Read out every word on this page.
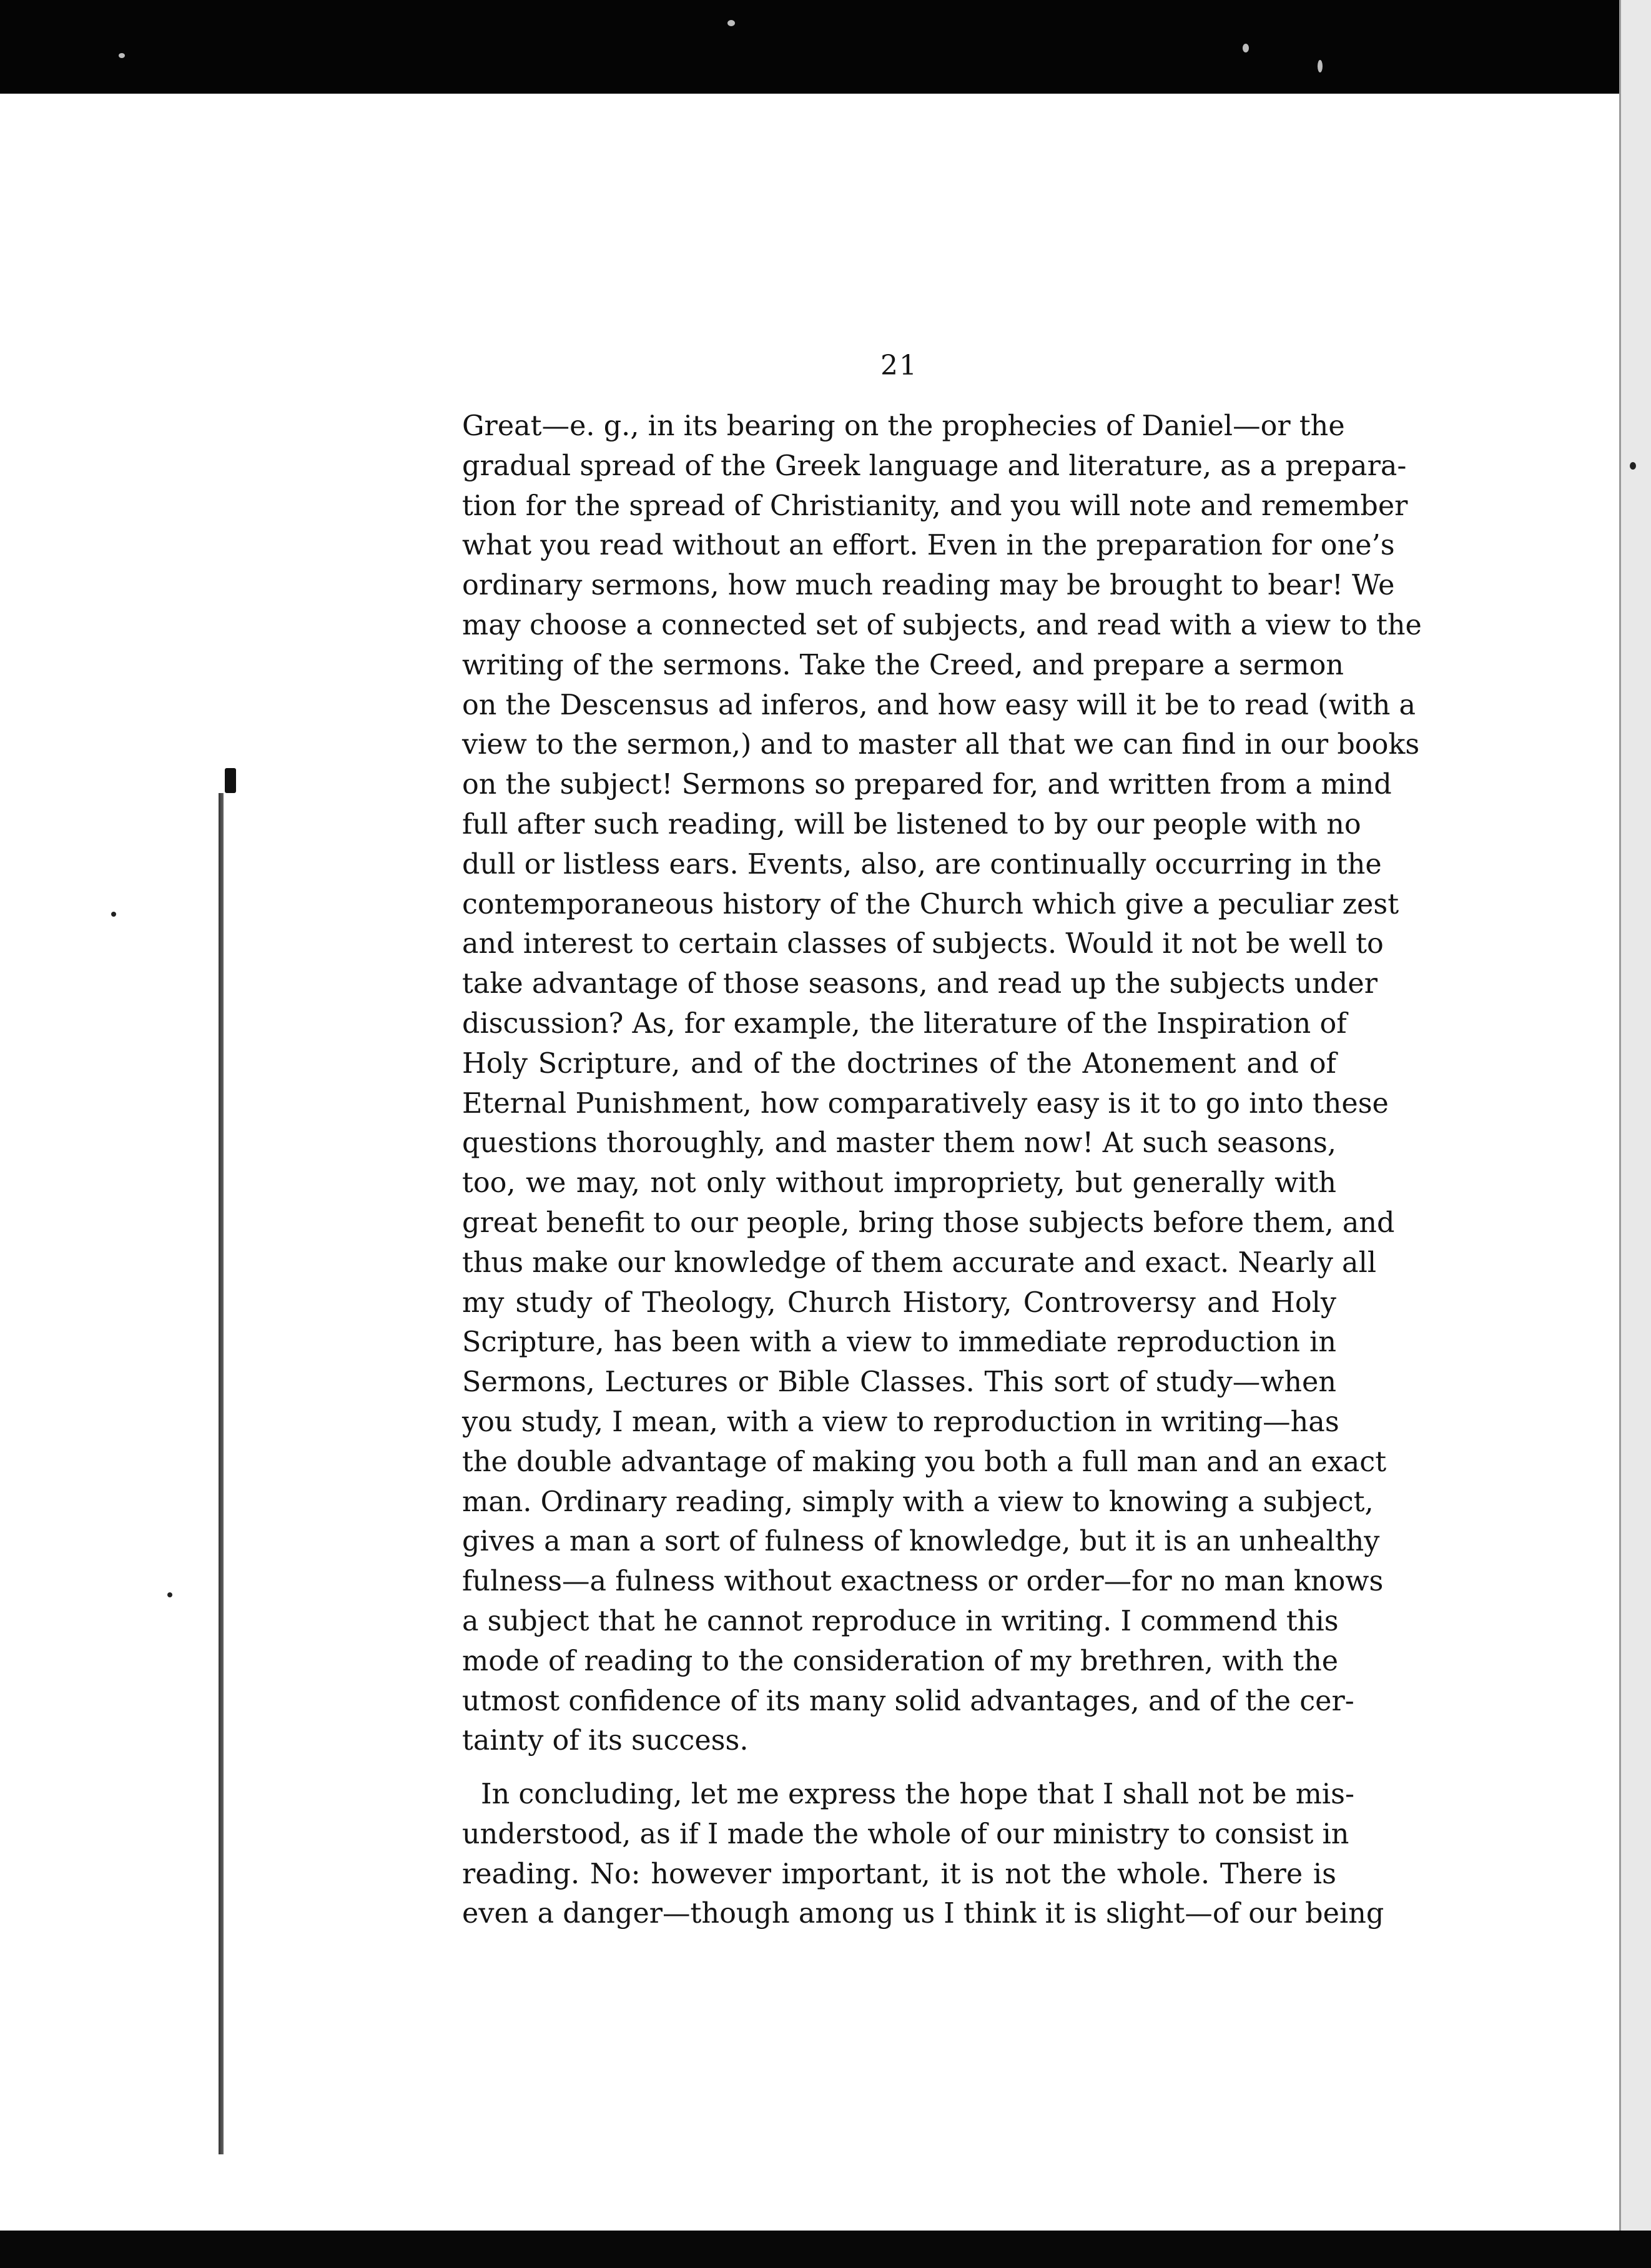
21

Great—e. g., in its bearing on the prophecies of Daniel—or the
gradual spread of the Greek language and literature, as a prepara-
tion for the spread of Christianity, and you will note and remember
what you read without an effort. Even in the preparation for one’s
ordinary sermons, how much reading may be brought to bear! We
may choose a connected set of subjects, and read with a view to the
writing of the sermons. Take the Creed, and prepare a sermon
on the Descensus ad inferos, and how easy will it be to read (with a
view to the sermon,) and to master all that we can find in our books
on the subject! Sermons so prepared for, and written from a mind
full after such reading, will be listened to by our people with no
dull or listless ears. Events, also, are continually occurring in the
contemporaneous history of the Church which give a peculiar zest
and interest to certain classes of subjects. Would it not be well to
take advantage of those seasons, and read up the subjects under
discussion? As, for example, the literature of the Inspiration of
Holy Scripture, and of the doctrines of the Atonement and of
Eternal Punishment, how comparatively easy is it to go into these
questions thoroughly, and master them now! At such seasons,
too, we may, not only without impropriety, but generally with
great benefit to our people, bring those subjects before them, and
thus make our knowledge of them accurate and exact. Nearly all
my study of Theology, Church History, Controversy and Holy
Scripture, has been with a view to immediate reproduction in
Sermons, Lectures or Bible Classes. This sort of study—when
you study, I mean, with a view to reproduction in writing—has
the double advantage of making you both a full man and an exact
man. Ordinary reading, simply with a view to knowing a subject,
gives a man a sort of fulness of knowledge, but it is an unhealthy
fulness—a fulness without exactness or order—for no man knows
a subject that he cannot reproduce in writing. I commend this
mode of reading to the consideration of my brethren, with the
utmost confidence of its many solid advantages, and of the cer-
tainty of its success.

In concluding, let me express the hope that I shall not be mis-
understood, as if I made the whole of our ministry to consist in
reading. No: however important, it is not the whole. There is
even a danger—though among us I think it is slight—of our being
